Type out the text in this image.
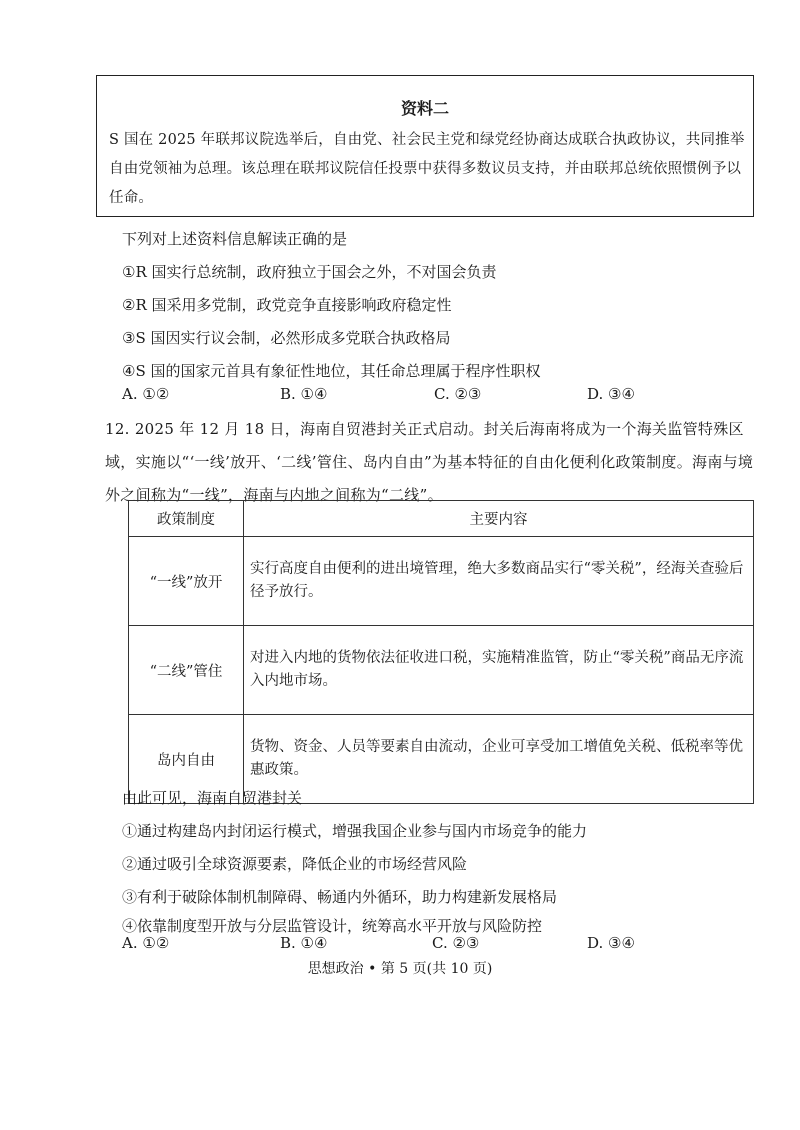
资料二
S 国在 2025 年联邦议院选举后，自由党、社会民主党和绿党经协商达成联合执政协议，共同推举自由党领袖为总理。该总理在联邦议院信任投票中获得多数议员支持，并由联邦总统依照惯例予以任命。
下列对上述资料信息解读正确的是
①R 国实行总统制，政府独立于国会之外，不对国会负责
②R 国采用多党制，政党竞争直接影响政府稳定性
③S 国因实行议会制，必然形成多党联合执政格局
④S 国的国家元首具有象征性地位，其任命总理属于程序性职权
A. ①②	B. ①④	C. ②③	D. ③④
12. 2025 年 12 月 18 日，海南自贸港封关正式启动。封关后海南将成为一个海关监管特殊区域，实施以“‘一线’放开、‘二线’管住、岛内自由”为基本特征的自由化便利化政策制度。海南与境外之间称为“一线”，海南与内地之间称为“二线”。
政策制度	主要内容
“一线”放开	实行高度自由便利的进出境管理，绝大多数商品实行“零关税”，经海关查验后径予放行。
“二线”管住	对进入内地的货物依法征收进口税，实施精准监管，防止“零关税”商品无序流入内地市场。
岛内自由	货物、资金、人员等要素自由流动，企业可享受加工增值免关税、低税率等优惠政策。
由此可见，海南自贸港封关
①通过构建岛内封闭运行模式，增强我国企业参与国内市场竞争的能力
②通过吸引全球资源要素，降低企业的市场经营风险
③有利于破除体制机制障碍、畅通内外循环，助力构建新发展格局
④依靠制度型开放与分层监管设计，统筹高水平开放与风险防控
A. ①②	B. ①④	C. ②③	D. ③④
思想政治 • 第 5 页(共 10 页)
